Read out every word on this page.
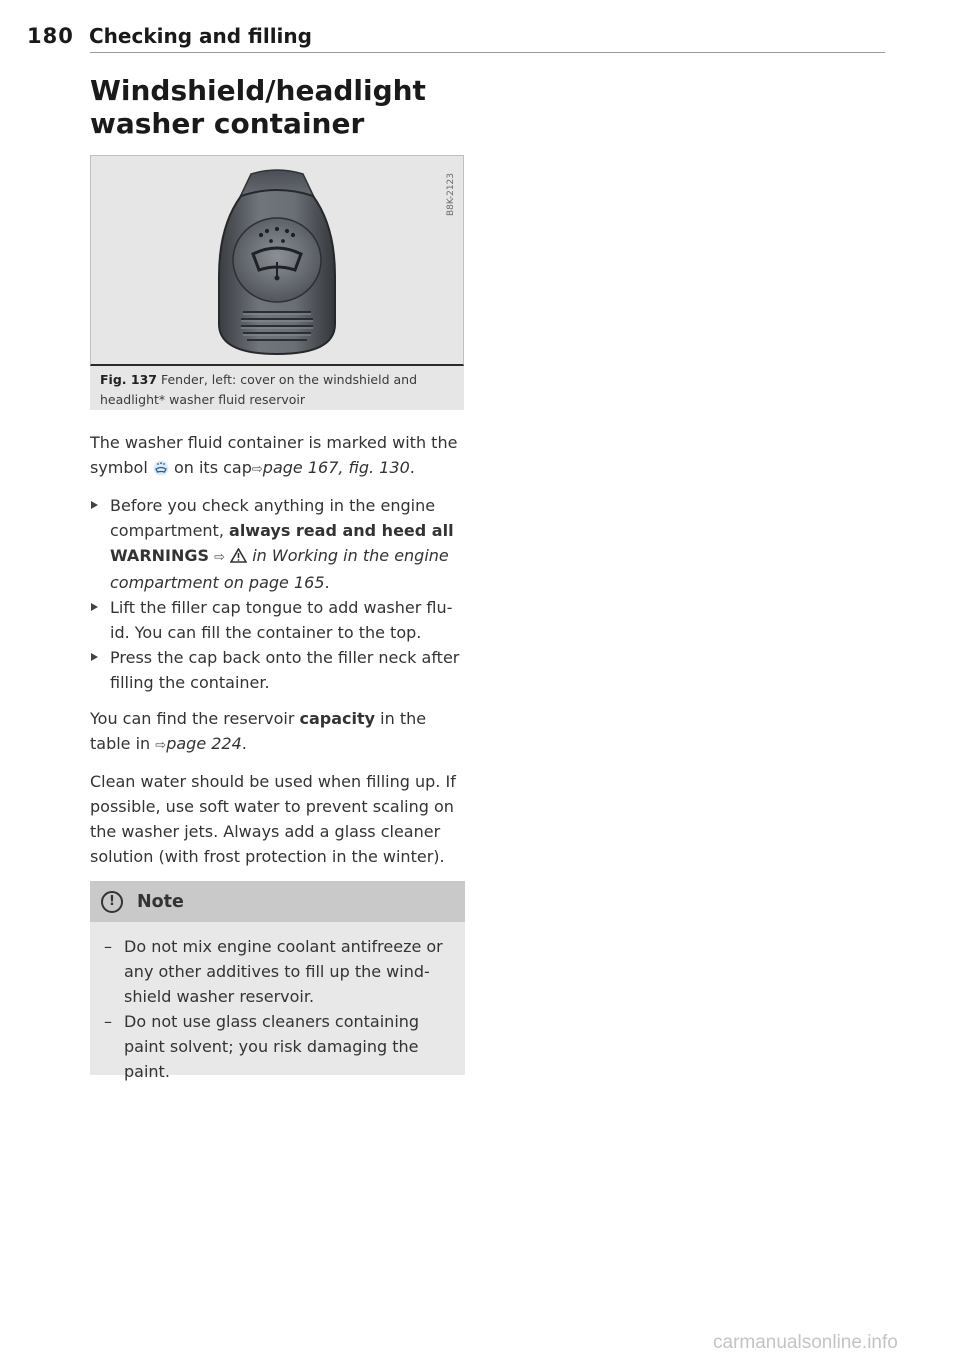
180 Checking and filling
Windshield/headlight
washer container
B8K-2123
Fig. 137 Fender, left: cover on the windshield and headlight* washer fluid reservoir

The washer fluid container is marked with the symbol on its cap⇨page 167, fig. 130.

Before you check anything in the engine compartment, always read and heed all WARNINGS ⇨ in Working in the engine compartment on page 165.
Lift the filler cap tongue to add washer flu-id. You can fill the container to the top.
Press the cap back onto the filler neck after filling the container.

You can find the reservoir capacity in the table in ⇨page 224.

Clean water should be used when filling up. If possible, use soft water to prevent scaling on the washer jets. Always add a glass cleaner solution (with frost protection in the winter).

!	Note
– Do not mix engine coolant antifreeze or any other additives to fill up the wind-shield washer reservoir.
– Do not use glass cleaners containing paint solvent; you risk damaging the paint.
carmanualsonline.info
